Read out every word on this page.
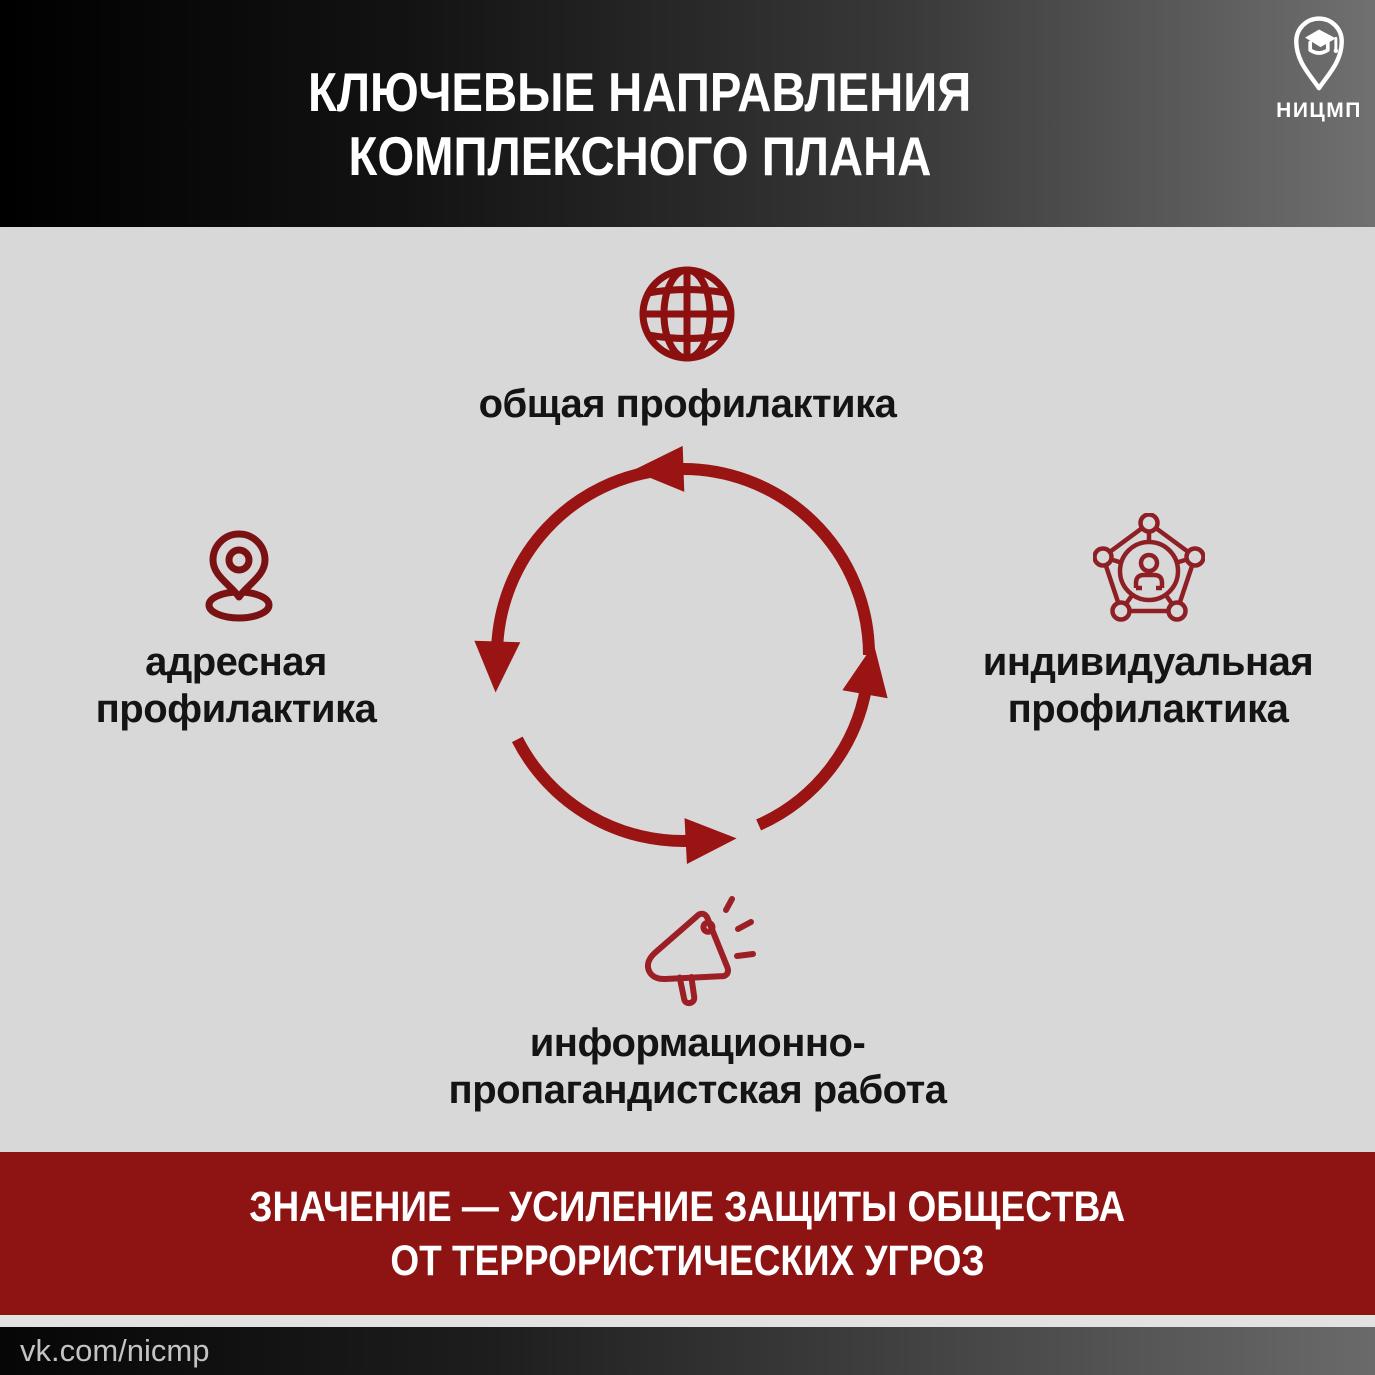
КЛЮЧЕВЫЕ НАПРАВЛЕНИЯ
КОМПЛЕКСНОГО ПЛАНА
НИЦМП
общая профилактика
адресная
профилактика
индивидуальная
профилактика
информационно-
пропагандистская работа
ЗНАЧЕНИЕ — УСИЛЕНИЕ ЗАЩИТЫ ОБЩЕСТВА
ОТ ТЕРРОРИСТИЧЕСКИХ УГРОЗ
vk.com/nicmp
